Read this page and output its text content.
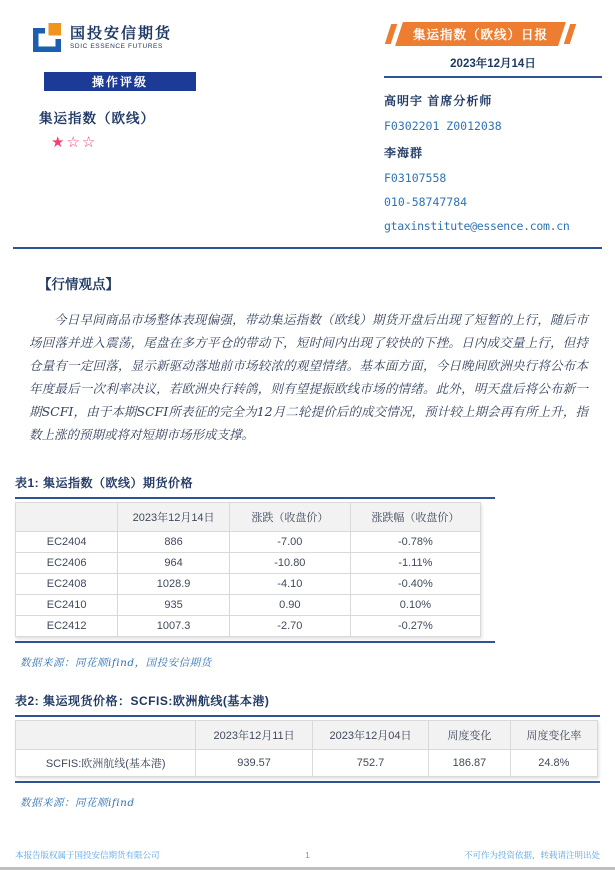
国投安信期货
SDIC ESSENCE FUTURES
操作评级
集运指数（欧线）
★☆☆
集运指数（欧线）日报
2023年12月14日
高明宇 首席分析师
F0302201 Z0012038
李海群
F03107558
010-58747784
gtaxinstitute@essence.com.cn
【行情观点】
今日早间商品市场整体表现偏强，带动集运指数（欧线）期货开盘后出现了短暂的上行，随后市场回落并进入震荡，尾盘在多方平仓的带动下，短时间内出现了较快的下挫。日内成交量上行，但持仓量有一定回落，显示新驱动落地前市场较浓的观望情绪。基本面方面，今日晚间欧洲央行将公布本年度最后一次利率决议，若欧洲央行转鸽，则有望提振欧线市场的情绪。此外，明天盘后将公布新一期SCFI，由于本期SCFI所表征的完全为12月二轮提价后的成交情况，预计较上期会再有所上升，指数上涨的预期或将对短期市场形成支撑。
表1: 集运指数（欧线）期货价格
	2023年12月14日	涨跌（收盘价）	涨跌幅（收盘价）
EC2404	886	-7.00	-0.78%
EC2406	964	-10.80	-1.11%
EC2408	1028.9	-4.10	-0.40%
EC2410	935	0.90	0.10%
EC2412	1007.3	-2.70	-0.27%
数据来源：同花顺ifind，国投安信期货
表2: 集运现货价格：SCFIS:欧洲航线(基本港)
	2023年12月11日	2023年12月04日	周度变化	周度变化率
SCFIS:欧洲航线(基本港)	939.57	752.7	186.87	24.8%
数据来源：同花顺ifind
本报告版权属于国投安信期货有限公司	1	不可作为投资依据，转载请注明出处
